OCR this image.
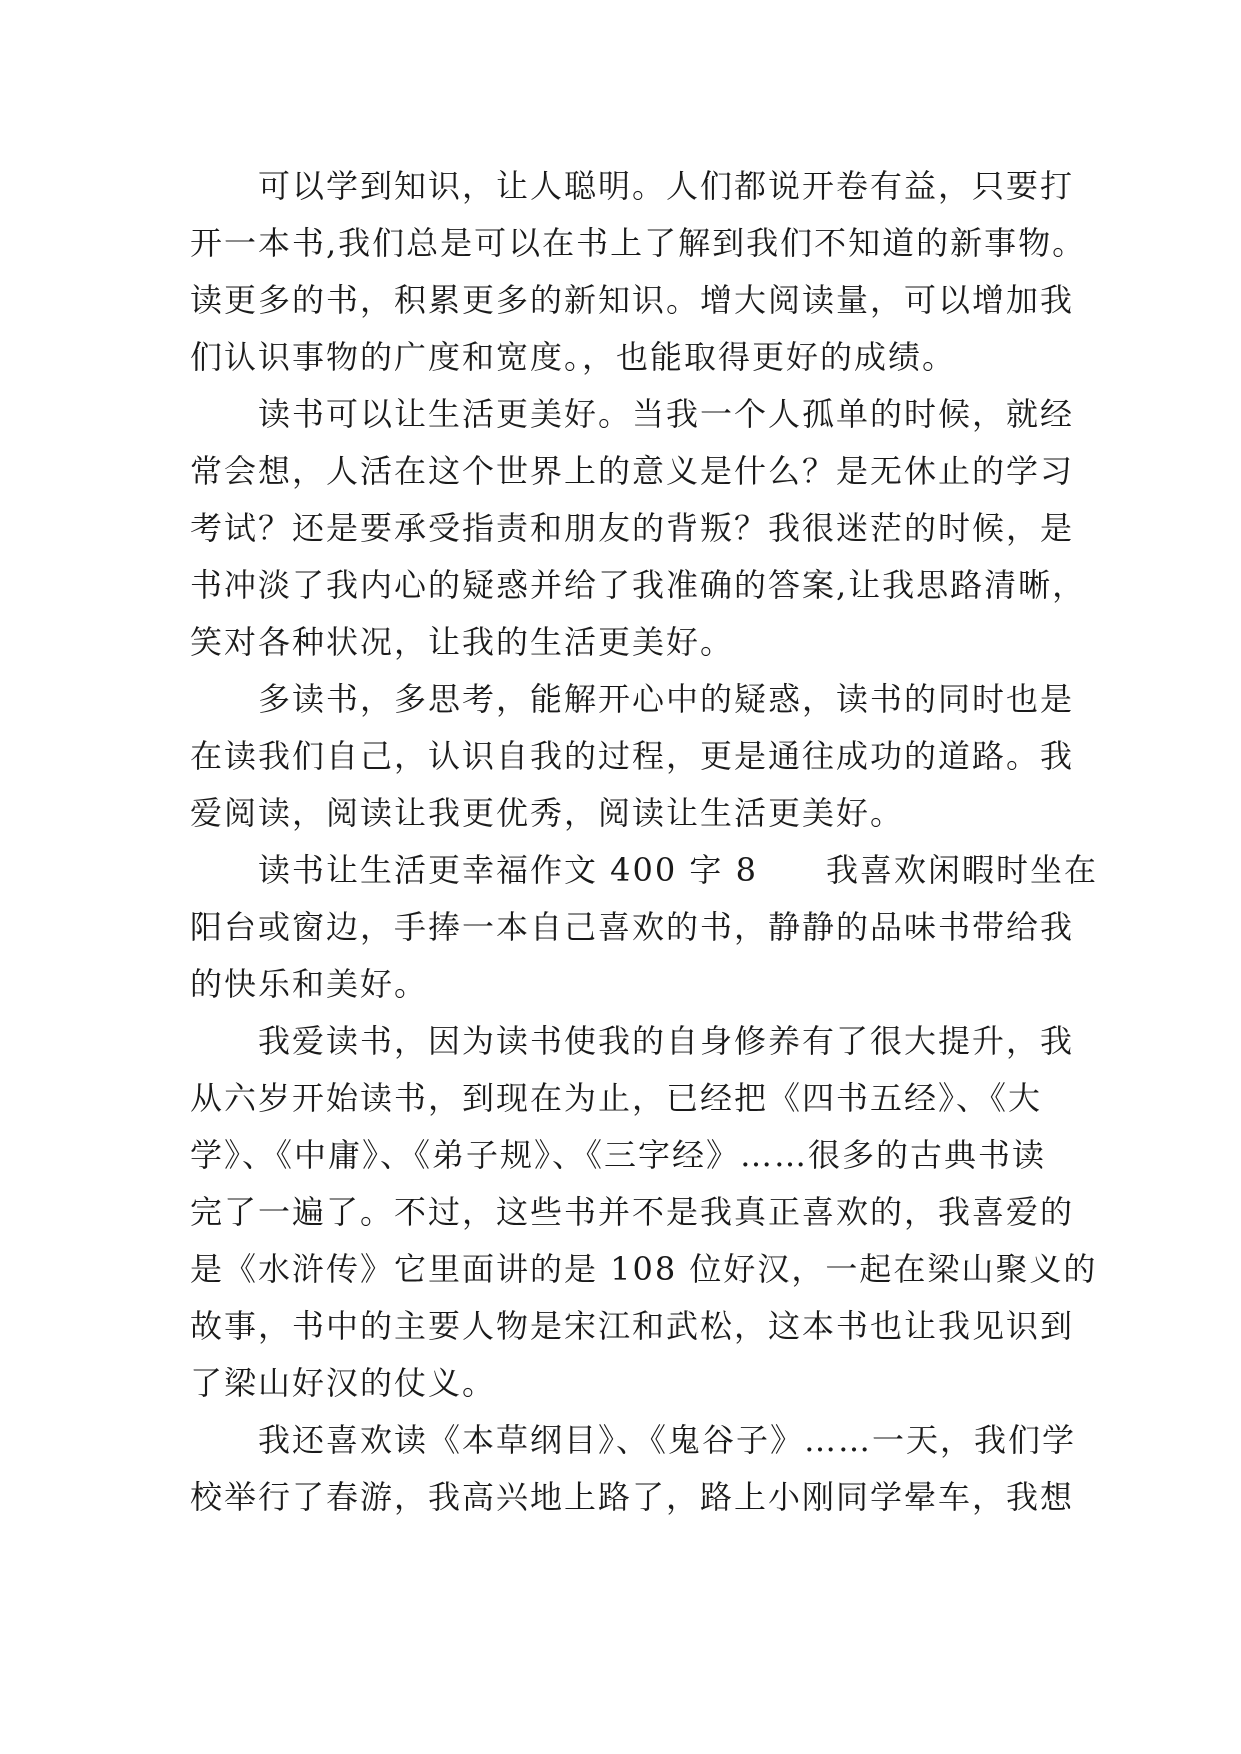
　　可以学到知识，让人聪明。人们都说开卷有益，只要打
开一本书,我们总是可以在书上了解到我们不知道的新事物。
读更多的书，积累更多的新知识。增大阅读量，可以增加我
们认识事物的广度和宽度。，也能取得更好的成绩。
　　读书可以让生活更美好。当我一个人孤单的时候，就经
常会想，人活在这个世界上的意义是什么？是无休止的学习
考试？还是要承受指责和朋友的背叛？我很迷茫的时候，是
书冲淡了我内心的疑惑并给了我准确的答案,让我思路清晰，
笑对各种状况，让我的生活更美好。
　　多读书，多思考，能解开心中的疑惑，读书的同时也是
在读我们自己，认识自我的过程，更是通往成功的道路。我
爱阅读，阅读让我更优秀，阅读让生活更美好。
　　读书让生活更幸福作文 400 字 8　　我喜欢闲暇时坐在
阳台或窗边，手捧一本自己喜欢的书，静静的品味书带给我
的快乐和美好。
　　我爱读书，因为读书使我的自身修养有了很大提升，我
从六岁开始读书，到现在为止，已经把《四书五经》、《大
学》、《中庸》、《弟子规》、《三字经》……很多的古典书读
完了一遍了。不过，这些书并不是我真正喜欢的，我喜爱的
是《水浒传》它里面讲的是 108 位好汉，一起在梁山聚义的
故事，书中的主要人物是宋江和武松，这本书也让我见识到
了梁山好汉的仗义。
　　我还喜欢读《本草纲目》、《鬼谷子》……一天，我们学
校举行了春游，我高兴地上路了，路上小刚同学晕车，我想
